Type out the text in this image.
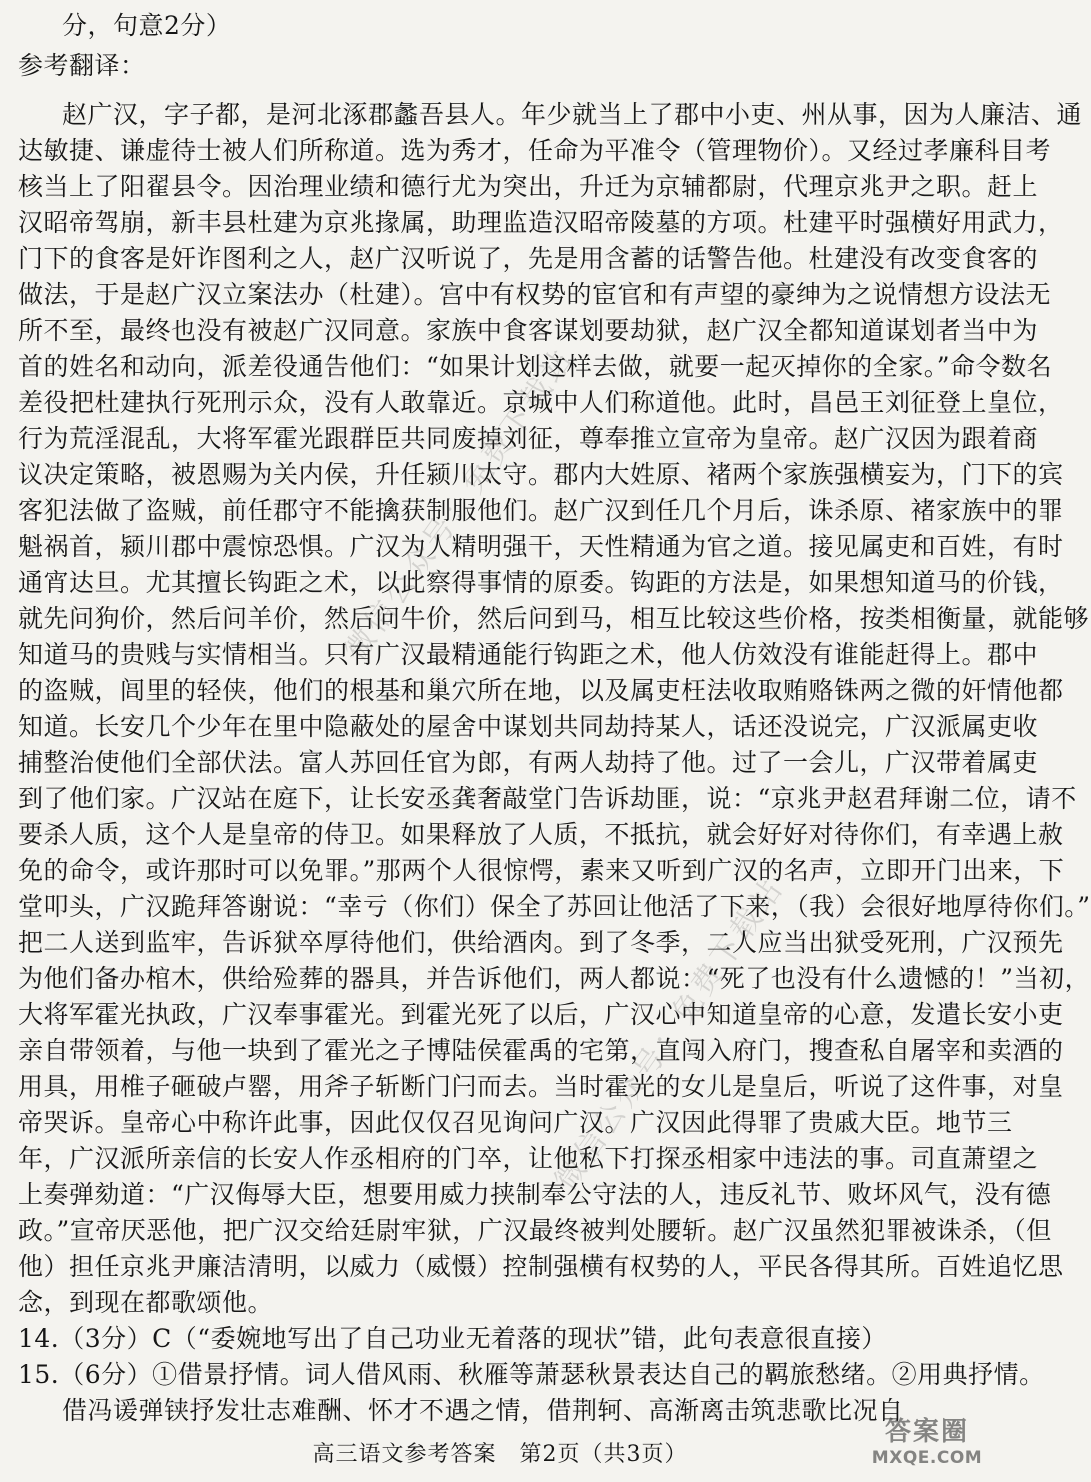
分，句意2分）
参考翻译：
赵广汉，字子都，是河北涿郡蠡吾县人。年少就当上了郡中小吏、州从事，因为人廉洁、通
达敏捷、谦虚待士被人们所称道。选为秀才，任命为平准令（管理物价）。又经过孝廉科目考
核当上了阳翟县令。因治理业绩和德行尤为突出，升迁为京辅都尉，代理京兆尹之职。赶上
汉昭帝驾崩，新丰县杜建为京兆掾属，助理监造汉昭帝陵墓的方项。杜建平时强横好用武力，
门下的食客是奸诈图利之人，赵广汉听说了，先是用含蓄的话警告他。杜建没有改变食客的
做法，于是赵广汉立案法办（杜建）。宫中有权势的宦官和有声望的豪绅为之说情想方设法无
所不至，最终也没有被赵广汉同意。家族中食客谋划要劫狱，赵广汉全都知道谋划者当中为
首的姓名和动向，派差役通告他们：“如果计划这样去做，就要一起灭掉你的全家。”命令数名
差役把杜建执行死刑示众，没有人敢靠近。京城中人们称道他。此时，昌邑王刘征登上皇位，
行为荒淫混乱，大将军霍光跟群臣共同废掉刘征，尊奉推立宣帝为皇帝。赵广汉因为跟着商
议决定策略，被恩赐为关内侯，升任颍川太守。郡内大姓原、褚两个家族强横妄为，门下的宾
客犯法做了盗贼，前任郡守不能擒获制服他们。赵广汉到任几个月后，诛杀原、褚家族中的罪
魁祸首，颍川郡中震惊恐惧。广汉为人精明强干，天性精通为官之道。接见属吏和百姓，有时
通宵达旦。尤其擅长钩距之术，以此察得事情的原委。钩距的方法是，如果想知道马的价钱，
就先问狗价，然后问羊价，然后问牛价，然后问到马，相互比较这些价格，按类相衡量，就能够
知道马的贵贱与实情相当。只有广汉最精通能行钩距之术，他人仿效没有谁能赶得上。郡中
的盗贼，闾里的轻侠，他们的根基和巢穴所在地，以及属吏枉法收取贿赂铢两之微的奸情他都
知道。长安几个少年在里中隐蔽处的屋舍中谋划共同劫持某人，话还没说完，广汉派属吏收
捕整治使他们全部伏法。富人苏回任官为郎，有两人劫持了他。过了一会儿，广汉带着属吏
到了他们家。广汉站在庭下，让长安丞龚奢敲堂门告诉劫匪，说：“京兆尹赵君拜谢二位，请不
要杀人质，这个人是皇帝的侍卫。如果释放了人质，不抵抗，就会好好对待你们，有幸遇上赦
免的命令，或许那时可以免罪。”那两个人很惊愕，素来又听到广汉的名声，立即开门出来，下
堂叩头，广汉跪拜答谢说：“幸亏（你们）保全了苏回让他活了下来，（我）会很好地厚待你们。”
把二人送到监牢，告诉狱卒厚待他们，供给酒肉。到了冬季，二人应当出狱受死刑，广汉预先
为他们备办棺木，供给殓葬的器具，并告诉他们，两人都说：“死了也没有什么遗憾的！”当初，
大将军霍光执政，广汉奉事霍光。到霍光死了以后，广汉心中知道皇帝的心意，发遣长安小吏
亲自带领着，与他一块到了霍光之子博陆侯霍禹的宅第，直闯入府门，搜查私自屠宰和卖酒的
用具，用椎子砸破卢罂，用斧子斩断门闩而去。当时霍光的女儿是皇后，听说了这件事，对皇
帝哭诉。皇帝心中称许此事，因此仅仅召见询问广汉。广汉因此得罪了贵戚大臣。地节三
年，广汉派所亲信的长安人作丞相府的门卒，让他私下打探丞相家中违法的事。司直萧望之
上奏弹劾道：“广汉侮辱大臣，想要用威力挟制奉公守法的人，违反礼节、败坏风气，没有德
政。”宣帝厌恶他，把广汉交给廷尉牢狱，广汉最终被判处腰斩。赵广汉虽然犯罪被诛杀，（但
他）担任京兆尹廉洁清明，以威力（威慑）控制强横有权势的人，平民各得其所。百姓追忆思
念，到现在都歌颂他。
14.（3分）C（“委婉地写出了自己功业无着落的现状”错，此句表意很直接）
15.（6分）①借景抒情。词人借风雨、秋雁等萧瑟秋景表达自己的羁旅愁绪。②用典抒情。
借冯谖弹铗抒发壮志难酬、怀才不遇之情，借荆轲、高渐离击筑悲歌比况自
高三语文参考答案　第2页（共3页）
微信公众号：免费下载站
微信公众号：免费下载站
答案圈
MXQE.COM
